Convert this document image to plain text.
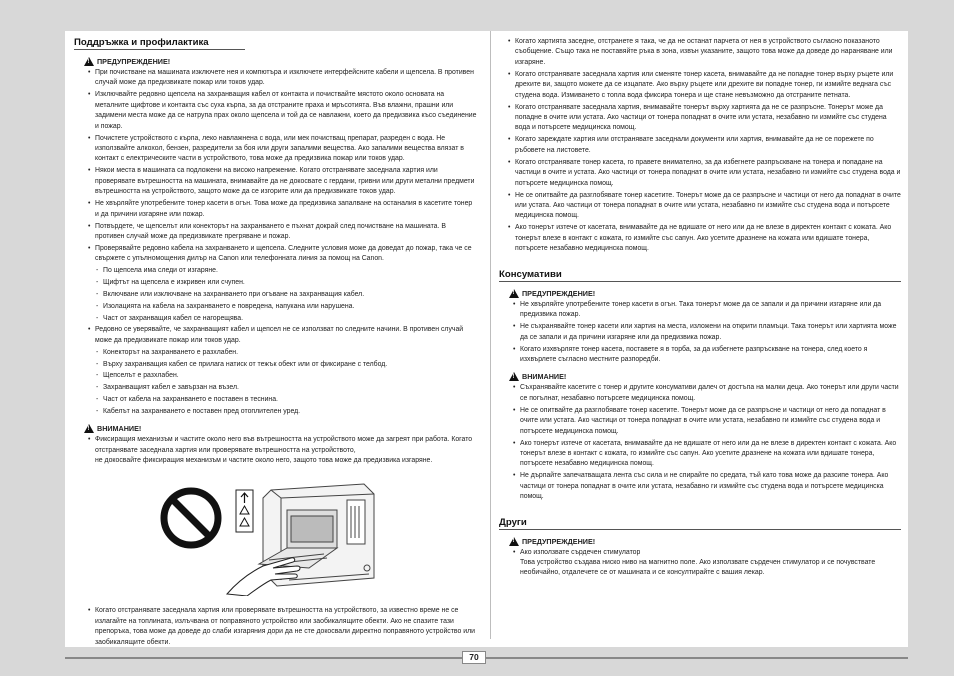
Поддръжка и профилактика
!
ПРЕДУПРЕЖДЕНИЕ!
• При почистване на машината изключете нея и компютъра и изключете интерфейсните кабели и щепсела. В противен случай може да предизвикате пожар или токов удар.
• Изключвайте редовно щепсела на захранващия кабел от контакта и почиствайте мястото около основата на металните щифтове и контакта със суха кърпа, за да отстраните праха и мръсотията. Във влажни, прашни или задимени места може да се натрупа прах около щепсела и той да се навлажни, което да предизвика късо съединение и пожар.
• Почистете устройството с кърпа, леко навлажнена с вода, или мек почистващ препарат, разреден с вода. Не използвайте алкохол, бензен, разредители за боя или други запалими вещества. Ако запалими вещества влязат в контакт с електрическите части в устройството, това може да предизвика пожар или токов удар.
• Някои места в машината са подложени на високо напрежение. Когато отстранявате заседнала хартия или проверявате вътрешността на машината, внимавайте да не докосвате с гердани, гривни или други метални предмети вътрешността на устройството, защото може да се изгорите или да предизвикате токов удар.
• Не хвърляйте употребените тонер касети в огън. Това може да предизвика запалване на останалия в касетите тонер и да причини изгаряне или пожар.
• Потвърдете, че щепселът или конекторът на захранването е пъхнат докрай след почистване на машината. В противен случай може да предизвикате прегряване и пожар.
• Проверявайте редовно кабела на захранването и щепсела. Следните условия може да доведат до пожар, така че се свържете с упълномощения дилър на Canon или телефонната линия за помощ на Canon.
- По щепсела има следи от изгаряне.
- Щифтът на щепсела е изкривен или счупен.
- Включване или изключване на захранването при огъване на захранващия кабел.
- Изолацията на кабела на захранването е повредена, напукана или нарушена.
- Част от захранващия кабел се нагорещява.
• Редовно се уверявайте, че захранващият кабел и щепсел не се използват по следните начини. В противен случай може да предизвикате пожар или токов удар.
- Конекторът на захранването е разхлабен.
- Върху захранващия кабел се прилага натиск от тежък обект или от фиксиране с телбод.
- Щепселът е разхлабен.
- Захранващият кабел е завързан на възел.
- Част от кабела на захранването е поставен в теснина.
- Кабелът на захранването е поставен пред отоплителен уред.
!
ВНИМАНИЕ!
• Фиксиращия механизъм и частите около него във вътрешността на устройството може да загреят при работа. Когато отстранявате заседнала хартия или проверявате вътрешността на устройството,
не докосвайте фиксиращия механизъм и частите около него, защото това може да предизвика изгаряне.
• Когато отстранявате заседнала хартия или проверявате вътрешността на устройството, за известно време не се излагайте на топлината, излъчвана от поправяното устройство или заобикалящите обекти. Ако не спазите тази препоръка, това може да доведе до слаби изгаряния дори да не сте докосвали директно поправяното устройство или заобикалящите обекти.
• Когато хартията заседне, отстранете я така, че да не останат парчета от нея в устройството съгласно показаното съобщение. Също така не поставяйте ръка в зона, извън указаните, защото това може да доведе до нараняване или изгаряне.
• Когато отстранявате заседнала хартия или сменяте тонер касета, внимавайте да не попадне тонер върху ръцете или дрехите ви, защото можете да се изцапате. Ако върху ръцете или дрехите ви попадне тонер, ги измийте веднага със студена вода. Измиването с топла вода фиксира тонера и ще стане невъзможно да отстраните петната.
• Когато отстранявате заседнала хартия, внимавайте тонерът върху хартията да не се разпръсне. Тонерът може да попадне в очите или устата. Ако частици от тонера попаднат в очите или устата, незабавно ги измийте със студена вода и потърсете медицинска помощ.
• Когато зареждате хартия или отстранявате заседнали документи или хартия, внимавайте да не се порежете по ръбовете на листовете.
• Когато отстранявате тонер касета, го правете внимателно, за да избегнете разпръскване на тонера и попадане на частици в очите и устата. Ако частици от тонера попаднат в очите или устата, незабавно ги измийте със студена вода и потърсете медицинска помощ.
• Не се опитвайте да разглобявате тонер касетите. Тонерът може да се разпръсне и частици от него да попаднат в очите или устата. Ако частици от тонера попаднат в очите или устата, незабавно ги измийте със студена вода и потърсете медицинска помощ.
• Ако тонерът изтече от касетата, внимавайте да не вдишате от него или да не влезе в директен контакт с кожата. Ако тонерът влезе в контакт с кожата, го измийте със сапун. Ако усетите дразнене на кожата или вдишате тонера, потърсете незабавно медицинска помощ.
Консумативи
!
ПРЕДУПРЕЖДЕНИЕ!
• Не хвърляйте употребените тонер касети в огън. Така тонерът може да се запали и да причини изгаряне или да предизвика пожар.
• Не съхранявайте тонер касети или хартия на места, изложени на открити пламъци. Така тонерът или хартията може да се запали и да причини изгаряне или да предизвика пожар.
• Когато изхвърляте тонер касета, поставете я в торба, за да избегнете разпръскване на тонера, след което я изхвърлете съгласно местните разпоредби.
!
ВНИМАНИЕ!
• Съхранявайте касетите с тонер и другите консумативи далеч от достъпа на малки деца. Ако тонерът или други части се погълнат, незабавно потърсете медицинска помощ.
• Не се опитвайте да разглобявате тонер касетите. Тонерът може да се разпръсне и частици от него да попаднат в очите или устата. Ако частици от тонера попаднат в очите или устата, незабавно ги измийте със студена вода и потърсете медицинска помощ.
• Ако тонерът изтече от касетата, внимавайте да не вдишате от него или да не влезе в директен контакт с кожата. Ако тонерът влезе в контакт с кожата, го измийте със сапун. Ако усетите дразнене на кожата или вдишате тонера, потърсете незабавно медицинска помощ.
• Не дърпайте запечатващата лента със сила и не спирайте по средата, тъй като това може да разсипе тонера. Ако частици от тонера попаднат в очите или устата, незабавно ги измийте със студена вода и потърсете медицинска помощ.
Други
!
ПРЕДУПРЕЖДЕНИЕ!
• Ако използвате сърдечен стимулатор
Това устройство създава ниско ниво на магнитно поле. Ако използвате сърдечен стимулатор и се почувствате необичайно, отдалечете се от машината и се консултирайте с вашия лекар.
70
